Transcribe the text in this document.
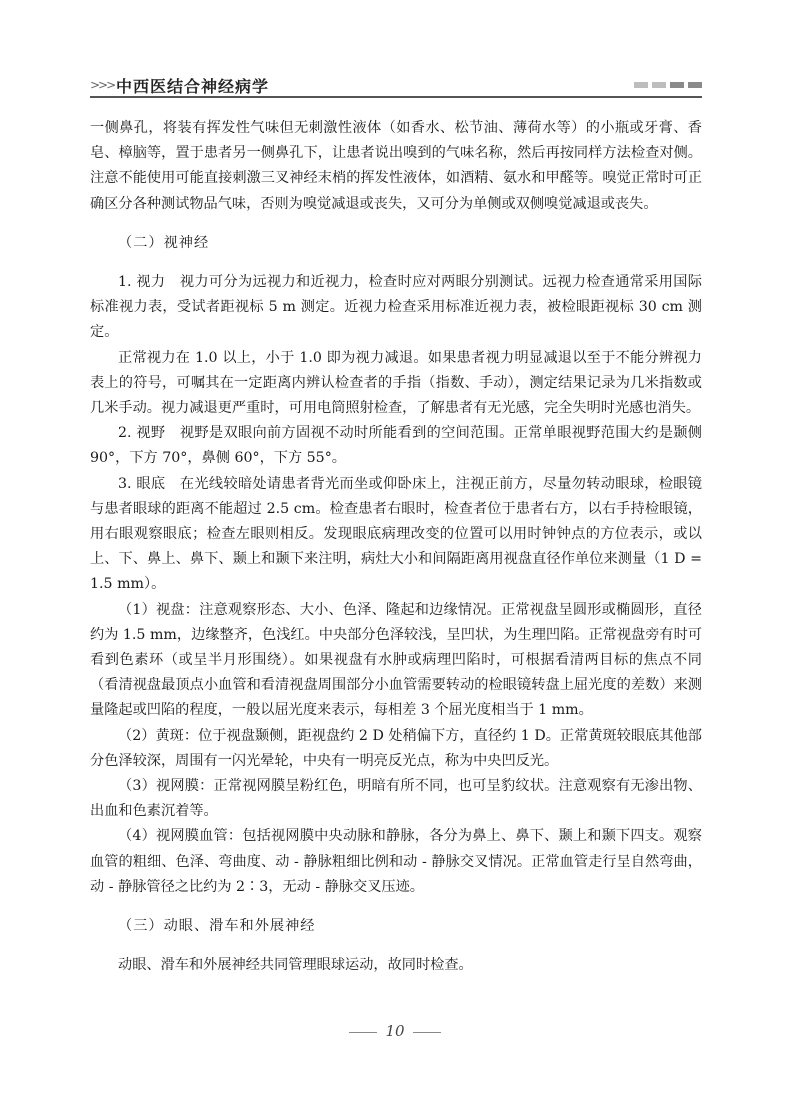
>>> 中西医结合神经病学

一侧鼻孔，将装有挥发性气味但无刺激性液体（如香水、松节油、薄荷水等）的小瓶或牙膏、香皂、樟脑等，置于患者另一侧鼻孔下，让患者说出嗅到的气味名称，然后再按同样方法检查对侧。注意不能使用可能直接刺激三叉神经末梢的挥发性液体，如酒精、氨水和甲醛等。嗅觉正常时可正确区分各种测试物品气味，否则为嗅觉减退或丧失，又可分为单侧或双侧嗅觉减退或丧失。

（二）视神经

1. 视力　视力可分为远视力和近视力，检查时应对两眼分别测试。远视力检查通常采用国际标准视力表，受试者距视标 5 m 测定。近视力检查采用标准近视力表，被检眼距视标 30 cm 测定。

正常视力在 1.0 以上，小于 1.0 即为视力减退。如果患者视力明显减退以至于不能分辨视力表上的符号，可嘱其在一定距离内辨认检查者的手指（指数、手动），测定结果记录为几米指数或几米手动。视力减退更严重时，可用电筒照射检查，了解患者有无光感，完全失明时光感也消失。

2. 视野　视野是双眼向前方固视不动时所能看到的空间范围。正常单眼视野范围大约是颞侧 90°，下方 70°，鼻侧 60°，下方 55°。

3. 眼底　在光线较暗处请患者背光而坐或仰卧床上，注视正前方，尽量勿转动眼球，检眼镜与患者眼球的距离不能超过 2.5 cm。检查患者右眼时，检查者位于患者右方，以右手持检眼镜，用右眼观察眼底；检查左眼则相反。发现眼底病理改变的位置可以用时钟钟点的方位表示，或以上、下、鼻上、鼻下、颞上和颞下来注明，病灶大小和间隔距离用视盘直径作单位来测量（1 D = 1.5 mm）。

（1）视盘：注意观察形态、大小、色泽、隆起和边缘情况。正常视盘呈圆形或椭圆形，直径约为 1.5 mm，边缘整齐，色浅红。中央部分色泽较浅，呈凹状，为生理凹陷。正常视盘旁有时可看到色素环（或呈半月形围绕）。如果视盘有水肿或病理凹陷时，可根据看清两目标的焦点不同（看清视盘最顶点小血管和看清视盘周围部分小血管需要转动的检眼镜转盘上屈光度的差数）来测量隆起或凹陷的程度，一般以屈光度来表示，每相差 3 个屈光度相当于 1 mm。

（2）黄斑：位于视盘颞侧，距视盘约 2 D 处稍偏下方，直径约 1 D。正常黄斑较眼底其他部分色泽较深，周围有一闪光晕轮，中央有一明亮反光点，称为中央凹反光。

（3）视网膜：正常视网膜呈粉红色，明暗有所不同，也可呈豹纹状。注意观察有无渗出物、出血和色素沉着等。

（4）视网膜血管：包括视网膜中央动脉和静脉，各分为鼻上、鼻下、颞上和颞下四支。观察血管的粗细、色泽、弯曲度、动 - 静脉粗细比例和动 - 静脉交叉情况。正常血管走行呈自然弯曲，动 - 静脉管径之比约为 2∶3，无动 - 静脉交叉压迹。

（三）动眼、滑车和外展神经

动眼、滑车和外展神经共同管理眼球运动，故同时检查。

10
